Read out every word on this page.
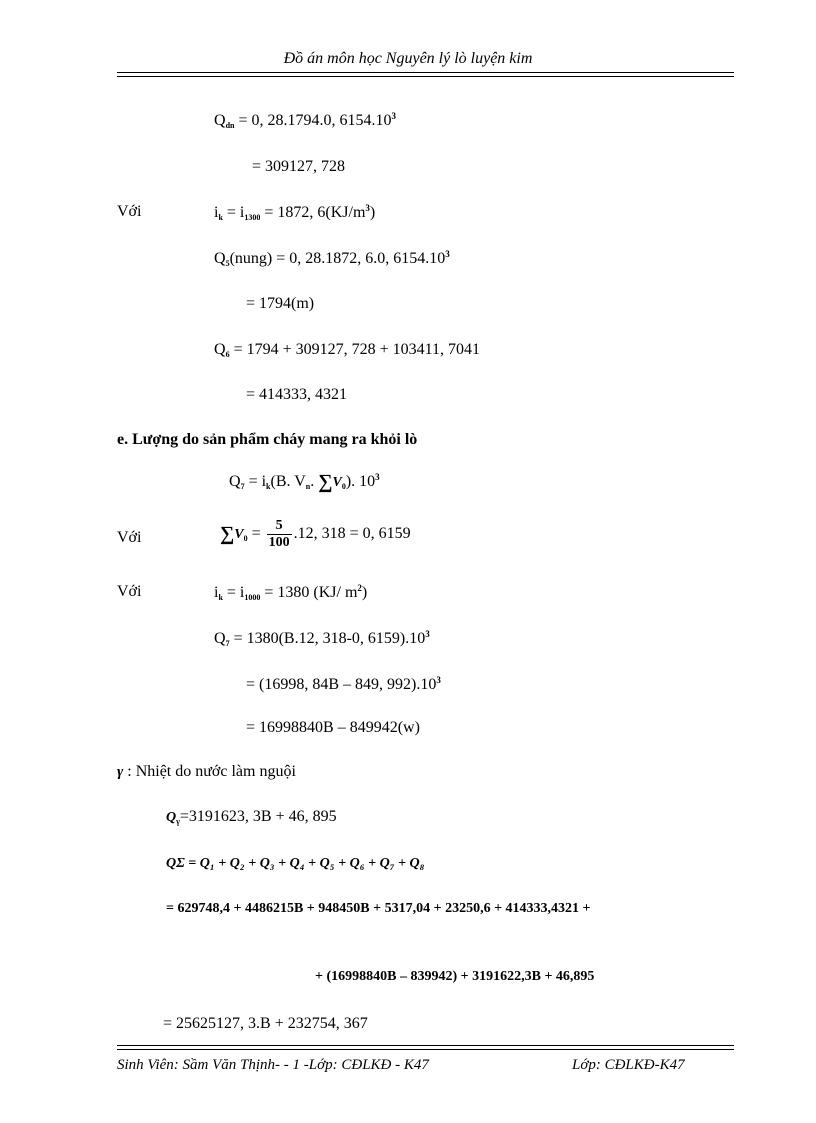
Đồ án môn học Nguyên lý lò luyện kim
$Q_{dn} = 0$, 28.1794.0, $6154.10^3$
= 309127, 728
Với	$i_k = i_{1300} = 1872$, $6(KJ/m^3)$
$Q_5(nung) = 0$, 28.1872, 6.0, $6154.10^3$
= 1794(m)
$Q_6 = 1794 + 309127$, 728 + 103411, 7041
= 414333, 4321
e. Lượng do sản phẩm cháy mang ra khỏi lò
$Q_7 = i_k(B$. $V_n$. $\sum V_0$). $10^3$
Với	$\sum V_0 = \frac{5}{100} .12$, 318 = 0, 6159
Với	$i_k = i_{1000} = 1380$ (KJ/ $m^2$)
$Q_7 = 1380(B.12$, 318-0, $6159).10^3$
= (16998, 84B – 849, $992).10^3$
= 16998840B – 849942(w)
γ : Nhiệt do nước làm nguội
$Q_\gamma=3191623$, 3B + 46, 895
QΣ = Q₁ + Q₂ + Q₃ + Q₄ + Q₅ + Q₆ + Q₇ + Q₈
= 629748,4 + 4486215B + 948450B + 5317,04 + 23250,6 + 414333,4321 +
+ (16998840B – 839942) + 3191622,3B + 46,895
= 25625127, 3.B + 232754, 367
Sinh Viên: Sầm Văn Thịnh- - 1 -Lớp: CĐLKĐ - K47	Lớp: CĐLKĐ-K47
